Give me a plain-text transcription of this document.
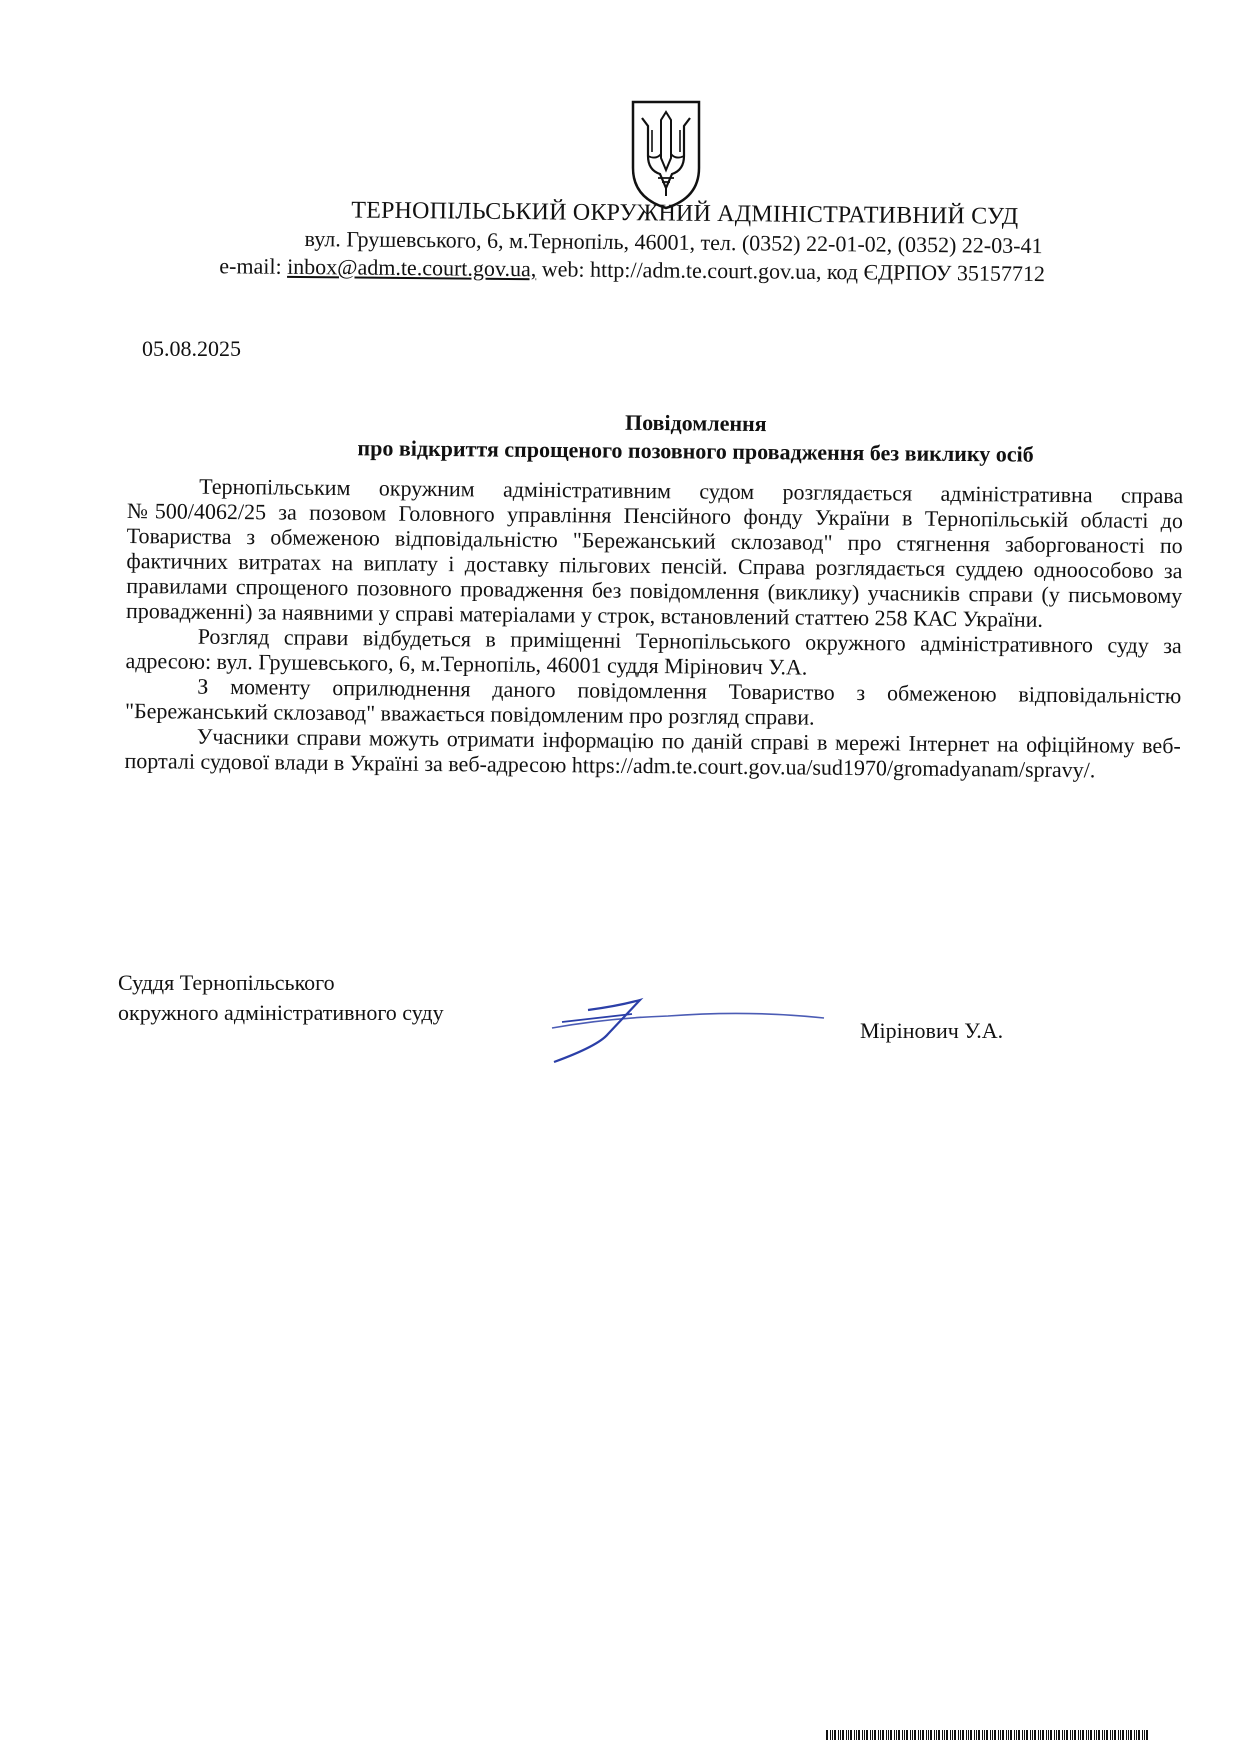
ТЕРНОПІЛЬСЬКИЙ ОКРУЖНИЙ АДМІНІСТРАТИВНИЙ СУД

вул. Грушевського, 6, м.Тернопіль, 46001, тел. (0352) 22-01-02, (0352) 22-03-41

e-mail: inbox@adm.te.court.gov.ua, web: http://adm.te.court.gov.ua, код ЄДРПОУ 35157712

05.08.2025

Повідомлення

про відкриття спрощеного позовного провадження без виклику осіб

Тернопільським окружним адміністративним судом розглядається адміністративна справа №500/4062/25 за позовом Головного управління Пенсійного фонду України в Тернопільській області до Товариства з обмеженою відповідальністю "Бережанський склозавод" про стягнення заборгованості по фактичних витратах на виплату і доставку пільгових пенсій. Справа розглядається суддею одноособово за правилами спрощеного позовного провадження без повідомлення (виклику) учасників справи (у письмовому провадженні) за наявними у справі матеріалами у строк, встановлений статтею 258 КАС України.

Розгляд справи відбудеться в приміщенні Тернопільського окружного адміністративного суду за адресою: вул. Грушевського, 6, м.Тернопіль, 46001 суддя Мірінович У.А.

З моменту оприлюднення даного повідомлення Товариство з обмеженою відповідальністю "Бережанський склозавод" вважається повідомленим про розгляд справи.

Учасники справи можуть отримати інформацію по даній справі в мережі Інтернет на офіційному веб-порталі судової влади в Україні за веб-адресою https://adm.te.court.gov.ua/sud1970/gromadyanam/spravy/.

Суддя Тернопільського
окружного адміністративного суду
Мірінович У.А.
